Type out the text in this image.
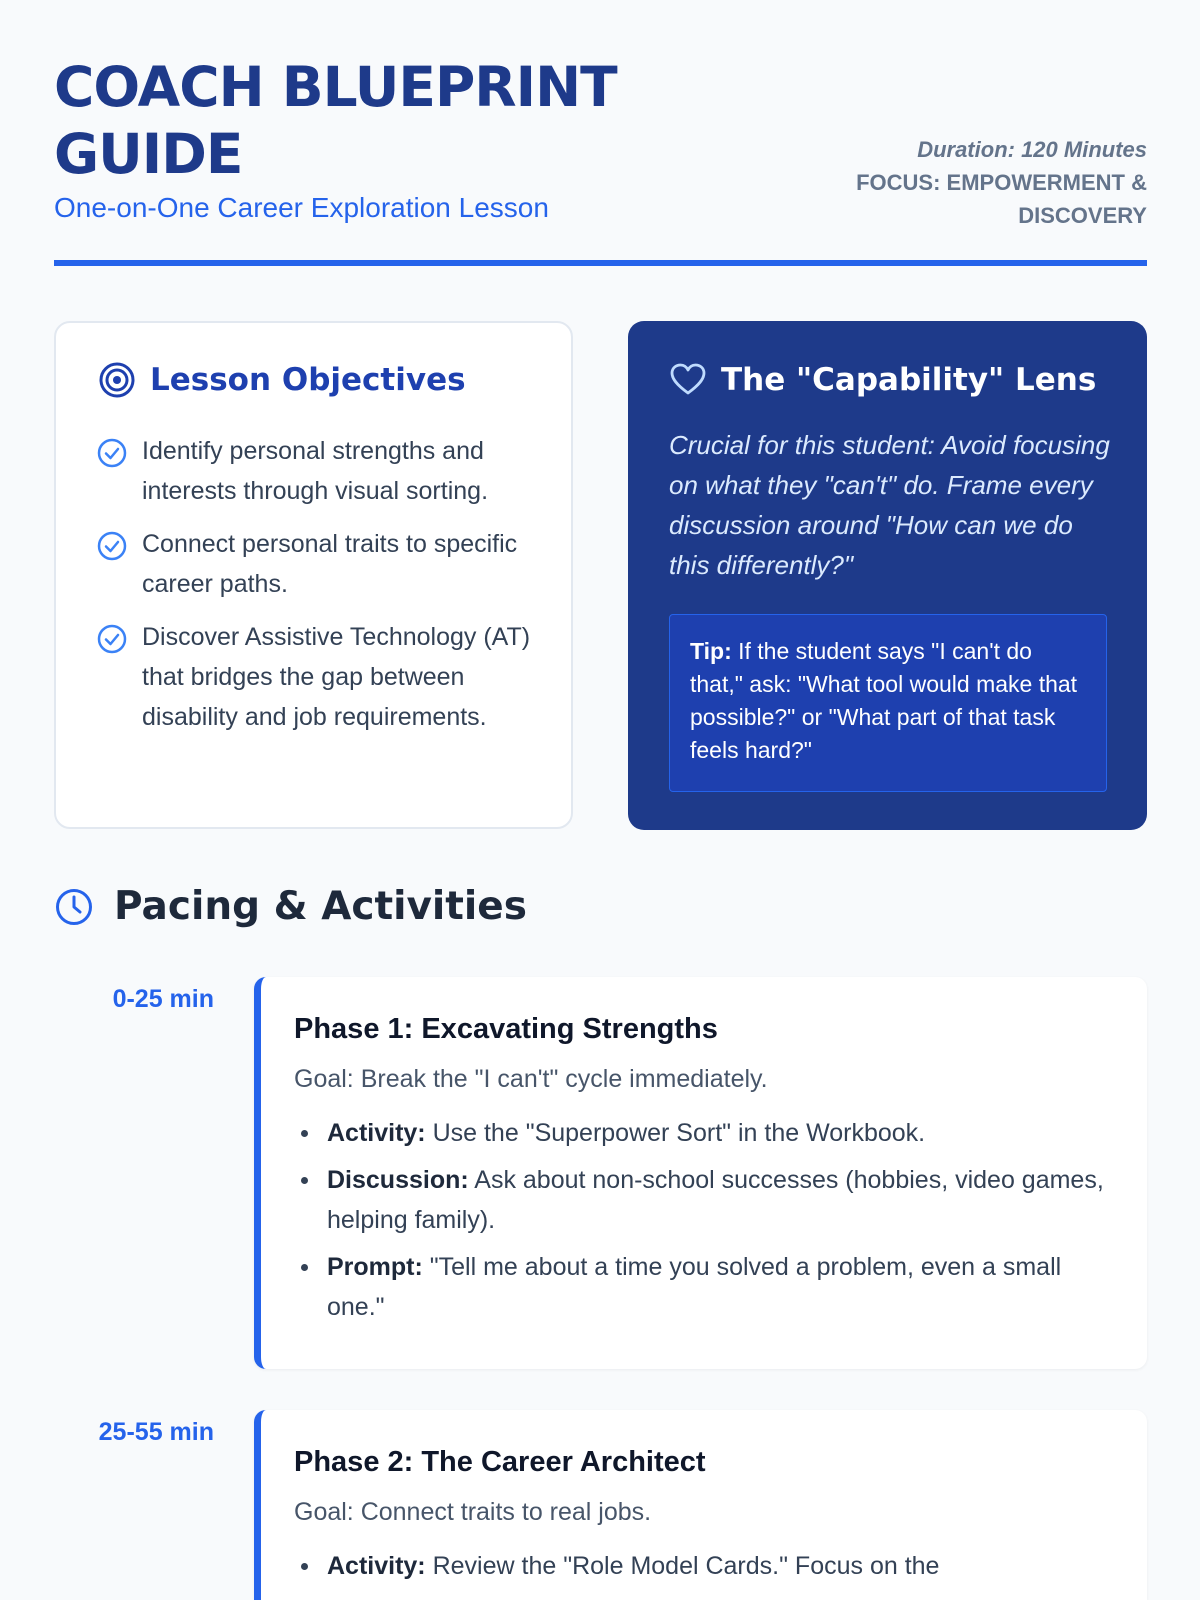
COACH BLUEPRINT GUIDE
One-on-One Career Exploration Lesson
Duration: 120 Minutes
FOCUS: EMPOWERMENT & DISCOVERY
Lesson Objectives
Identify personal strengths and interests through visual sorting.
Connect personal traits to specific career paths.
Discover Assistive Technology (AT) that bridges the gap between disability and job requirements.
The "Capability" Lens
Crucial for this student: Avoid focusing on what they "can't" do. Frame every discussion around "How can we do this differently?"
Tip: If the student says "I can't do that," ask: "What tool would make that possible?" or "What part of that task feels hard?"
Pacing & Activities
0-25 min
Phase 1: Excavating Strengths
Goal: Break the "I can't" cycle immediately.
Activity: Use the "Superpower Sort" in the Workbook.
Discussion: Ask about non-school successes (hobbies, video games, helping family).
Prompt: "Tell me about a time you solved a problem, even a small one."
25-55 min
Phase 2: The Career Architect
Goal: Connect traits to real jobs.
Activity: Review the "Role Model Cards." Focus on the
